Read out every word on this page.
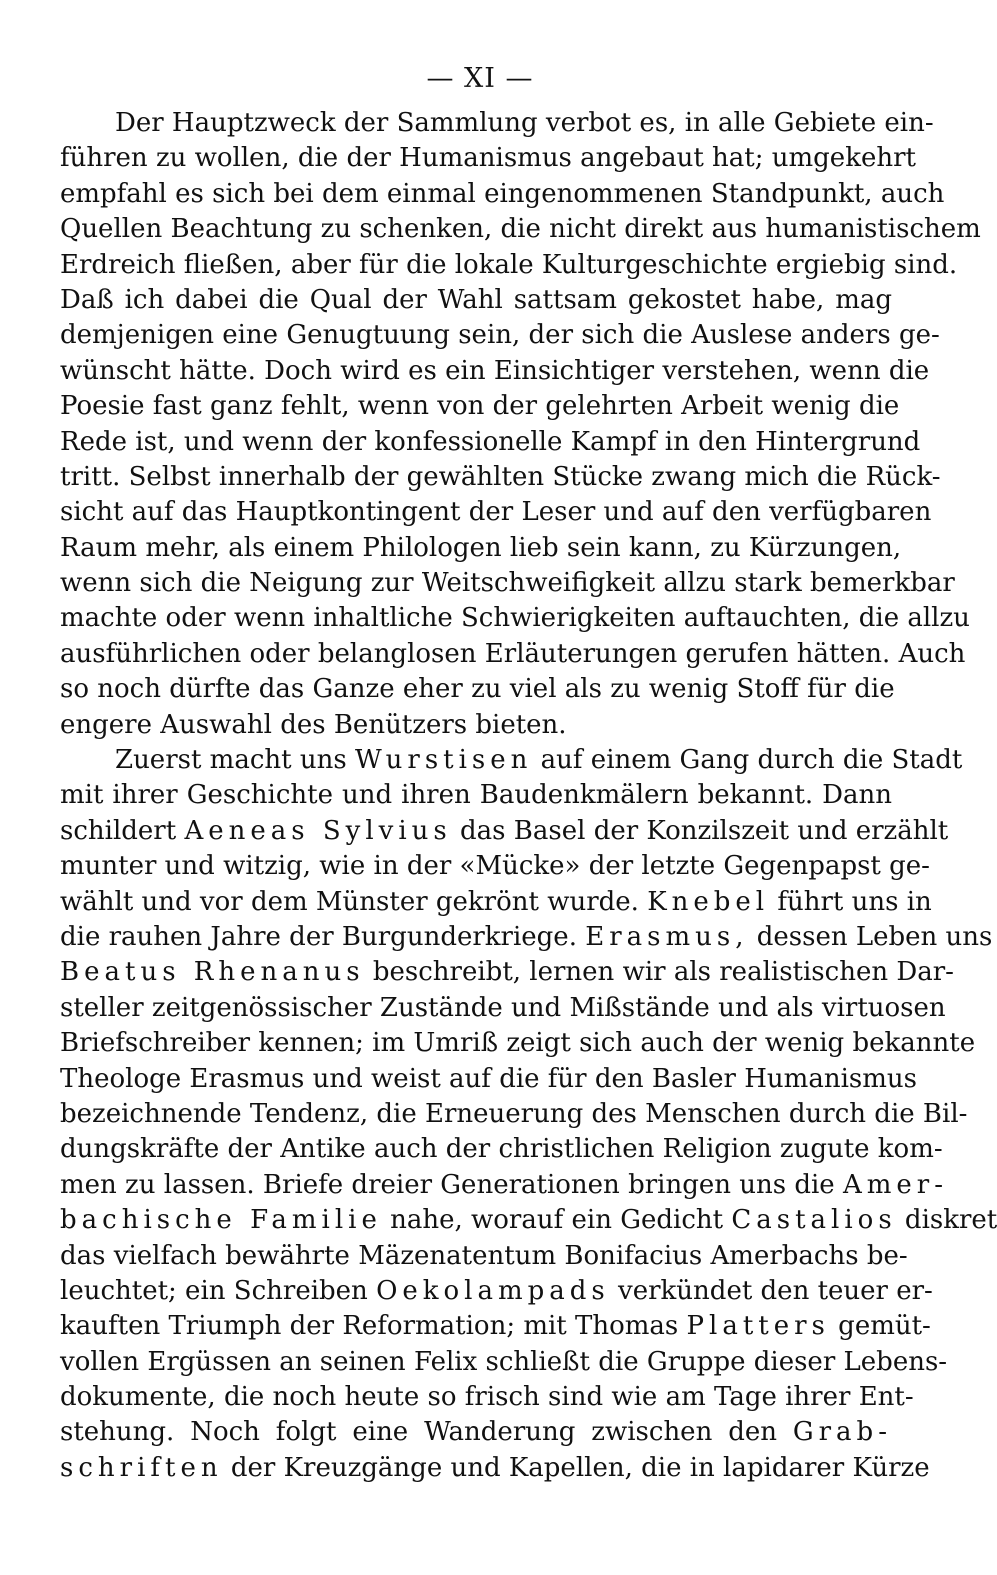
— XI —
Der Hauptzweck der Sammlung verbot es, in alle Gebiete ein-
führen zu wollen, die der Humanismus angebaut hat; umgekehrt
empfahl es sich bei dem einmal eingenommenen Standpunkt, auch
Quellen Beachtung zu schenken, die nicht direkt aus humanistischem
Erdreich fließen, aber für die lokale Kulturgeschichte ergiebig sind.
Daß ich dabei die Qual der Wahl sattsam gekostet habe, mag
demjenigen eine Genugtuung sein, der sich die Auslese anders ge-
wünscht hätte. Doch wird es ein Einsichtiger verstehen, wenn die
Poesie fast ganz fehlt, wenn von der gelehrten Arbeit wenig die
Rede ist, und wenn der konfessionelle Kampf in den Hintergrund
tritt. Selbst innerhalb der gewählten Stücke zwang mich die Rück-
sicht auf das Hauptkontingent der Leser und auf den verfügbaren
Raum mehr, als einem Philologen lieb sein kann, zu Kürzungen,
wenn sich die Neigung zur Weitschweifigkeit allzu stark bemerkbar
machte oder wenn inhaltliche Schwierigkeiten auftauchten, die allzu
ausführlichen oder belanglosen Erläuterungen gerufen hätten. Auch
so noch dürfte das Ganze eher zu viel als zu wenig Stoff für die
engere Auswahl des Benützers bieten.
Zuerst macht uns Wurstisen auf einem Gang durch die Stadt
mit ihrer Geschichte und ihren Baudenkmälern bekannt. Dann
schildert Aeneas Sylvius das Basel der Konzilszeit und erzählt
munter und witzig, wie in der «Mücke» der letzte Gegenpapst ge-
wählt und vor dem Münster gekrönt wurde. Knebel führt uns in
die rauhen Jahre der Burgunderkriege. Erasmus, dessen Leben uns
Beatus Rhenanus beschreibt, lernen wir als realistischen Dar-
steller zeitgenössischer Zustände und Mißstände und als virtuosen
Briefschreiber kennen; im Umriß zeigt sich auch der wenig bekannte
Theologe Erasmus und weist auf die für den Basler Humanismus
bezeichnende Tendenz, die Erneuerung des Menschen durch die Bil-
dungskräfte der Antike auch der christlichen Religion zugute kom-
men zu lassen. Briefe dreier Generationen bringen uns die Amer-
bachische Familie nahe, worauf ein Gedicht Castalios diskret
das vielfach bewährte Mäzenatentum Bonifacius Amerbachs be-
leuchtet; ein Schreiben Oekolampads verkündet den teuer er-
kauften Triumph der Reformation; mit Thomas Platters gemüt-
vollen Ergüssen an seinen Felix schließt die Gruppe dieser Lebens-
dokumente, die noch heute so frisch sind wie am Tage ihrer Ent-
stehung. Noch folgt eine Wanderung zwischen den Grab-
schriften der Kreuzgänge und Kapellen, die in lapidarer Kürze
